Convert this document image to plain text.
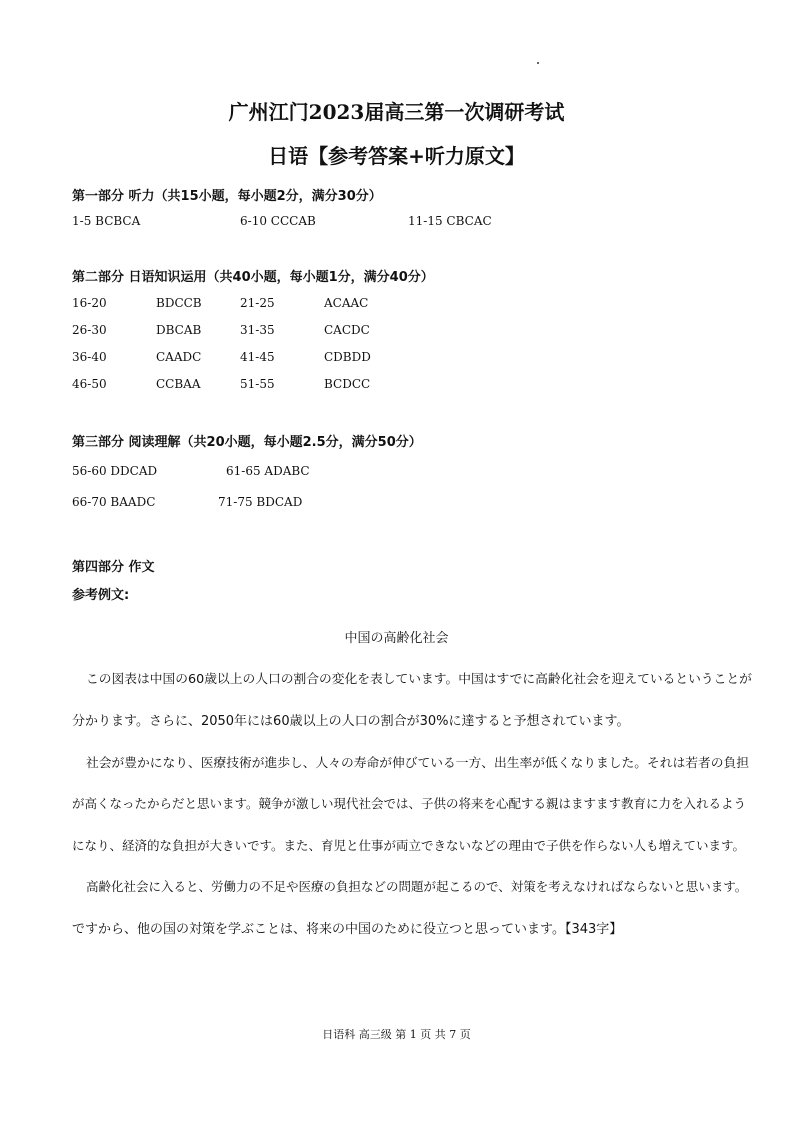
广州江门2023届高三第一次调研考试
日语【参考答案+听力原文】
第一部分 听力（共15小题，每小题2分，满分30分）
1-5 BCBCA	6-10 CCCAB	11-15 CBCAC
第二部分 日语知识运用（共40小题，每小题1分，满分40分）
16-20	BDCCB	21-25	ACAAC
26-30	DBCAB	31-35	CACDC
36-40	CAADC	41-45	CDBDD
46-50	CCBAA	51-55	BCDCC
第三部分 阅读理解（共20小题，每小题2.5分，满分50分）
56-60 DDCAD	61-65 ADABC
66-70 BAADC	71-75 BDCAD
第四部分 作文
参考例文:
中国の高齢化社会
この図表は中国の60歳以上の人口の割合の変化を表しています。中国はすでに高齢化社会を迎えているということが
分かります。さらに、2050年には60歳以上の人口の割合が30%に達すると予想されています。
社会が豊かになり、医療技術が進歩し、人々の寿命が伸びている一方、出生率が低くなりました。それは若者の負担
が高くなったからだと思います。競争が激しい現代社会では、子供の将来を心配する親はますます教育に力を入れるよう
になり、経済的な負担が大きいです。また、育児と仕事が両立できないなどの理由で子供を作らない人も増えています。
高齢化社会に入ると、労働力の不足や医療の負担などの問題が起こるので、対策を考えなければならないと思います。
ですから、他の国の対策を学ぶことは、将来の中国のために役立つと思っています。【343字】
日语科 高三级 第 1 页 共 7 页
